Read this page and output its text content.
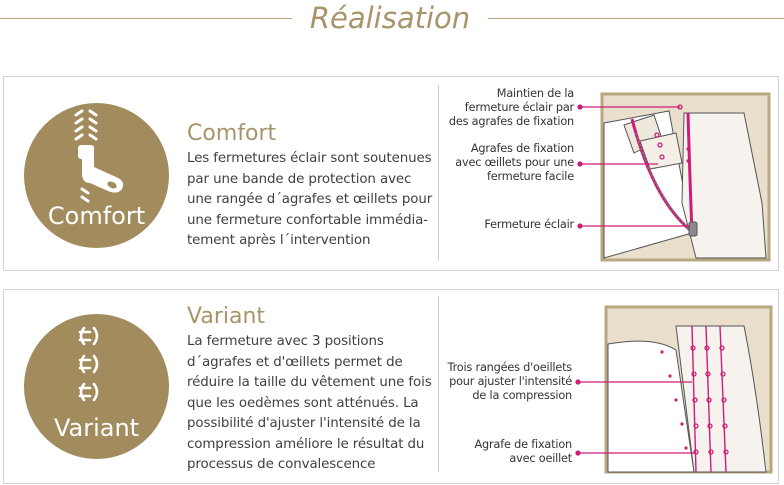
Réalisation
Comfort
Comfort
Les fermetures éclair sont soutenues
par une bande de protection avec
une rangée d´agrafes et œillets pour
une fermeture confortable immédia-
tement après l´intervention
Maintien de la
fermeture éclair par
des agrafes de fixation
Agrafes de fixation
avec œillets pour une
fermeture facile
Fermeture éclair
Variant
Variant
La fermeture avec 3 positions
d´agrafes et d'œillets permet de
réduire la taille du vêtement une fois
que les oedèmes sont atténués. La
possibilité d'ajuster l'intensité de la
compression améliore le résultat du
processus de convalescence
Trois rangées d'oeillets
pour ajuster l'intensité
de la compression
Agrafe de fixation
avec oeillet
